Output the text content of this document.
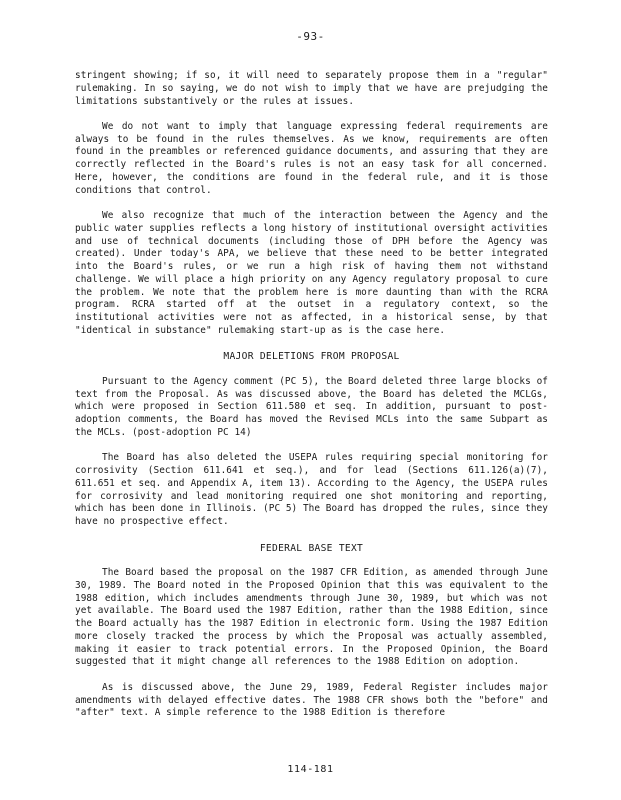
-93-

stringent showing; if so, it will need to separately propose them in a "regular" rulemaking. In so saying, we do not wish to imply that we have are prejudging the limitations substantively or the rules at issues.

We do not want to imply that language expressing federal requirements are always to be found in the rules themselves. As we know, requirements are often found in the preambles or referenced guidance documents, and assuring that they are correctly reflected in the Board's rules is not an easy task for all concerned. Here, however, the conditions are found in the federal rule, and it is those conditions that control.

We also recognize that much of the interaction between the Agency and the public water supplies reflects a long history of institutional oversight activities and use of technical documents (including those of DPH before the Agency was created). Under today's APA, we believe that these need to be better integrated into the Board's rules, or we run a high risk of having them not withstand challenge. We will place a high priority on any Agency regulatory proposal to cure the problem. We note that the problem here is more daunting than with the RCRA program. RCRA started off at the outset in a regulatory context, so the institutional activities were not as affected, in a historical sense, by that "identical in substance" rulemaking start-up as is the case here.

MAJOR DELETIONS FROM PROPOSAL

Pursuant to the Agency comment (PC 5), the Board deleted three large blocks of text from the Proposal. As was discussed above, the Board has deleted the MCLGs, which were proposed in Section 611.580 et seq. In addition, pursuant to post-adoption comments, the Board has moved the Revised MCLs into the same Subpart as the MCLs. (post-adoption PC 14)

The Board has also deleted the USEPA rules requiring special monitoring for corrosivity (Section 611.641 et seq.), and for lead (Sections 611.126(a)(7), 611.651 et seq. and Appendix A, item 13). According to the Agency, the USEPA rules for corrosivity and lead monitoring required one shot monitoring and reporting, which has been done in Illinois. (PC 5) The Board has dropped the rules, since they have no prospective effect.

FEDERAL BASE TEXT

The Board based the proposal on the 1987 CFR Edition, as amended through June 30, 1989. The Board noted in the Proposed Opinion that this was equivalent to the 1988 edition, which includes amendments through June 30, 1989, but which was not yet available. The Board used the 1987 Edition, rather than the 1988 Edition, since the Board actually has the 1987 Edition in electronic form. Using the 1987 Edition more closely tracked the process by which the Proposal was actually assembled, making it easier to track potential errors. In the Proposed Opinion, the Board suggested that it might change all references to the 1988 Edition on adoption.

As is discussed above, the June 29, 1989, Federal Register includes major amendments with delayed effective dates. The 1988 CFR shows both the "before" and "after" text. A simple reference to the 1988 Edition is therefore

114-181
